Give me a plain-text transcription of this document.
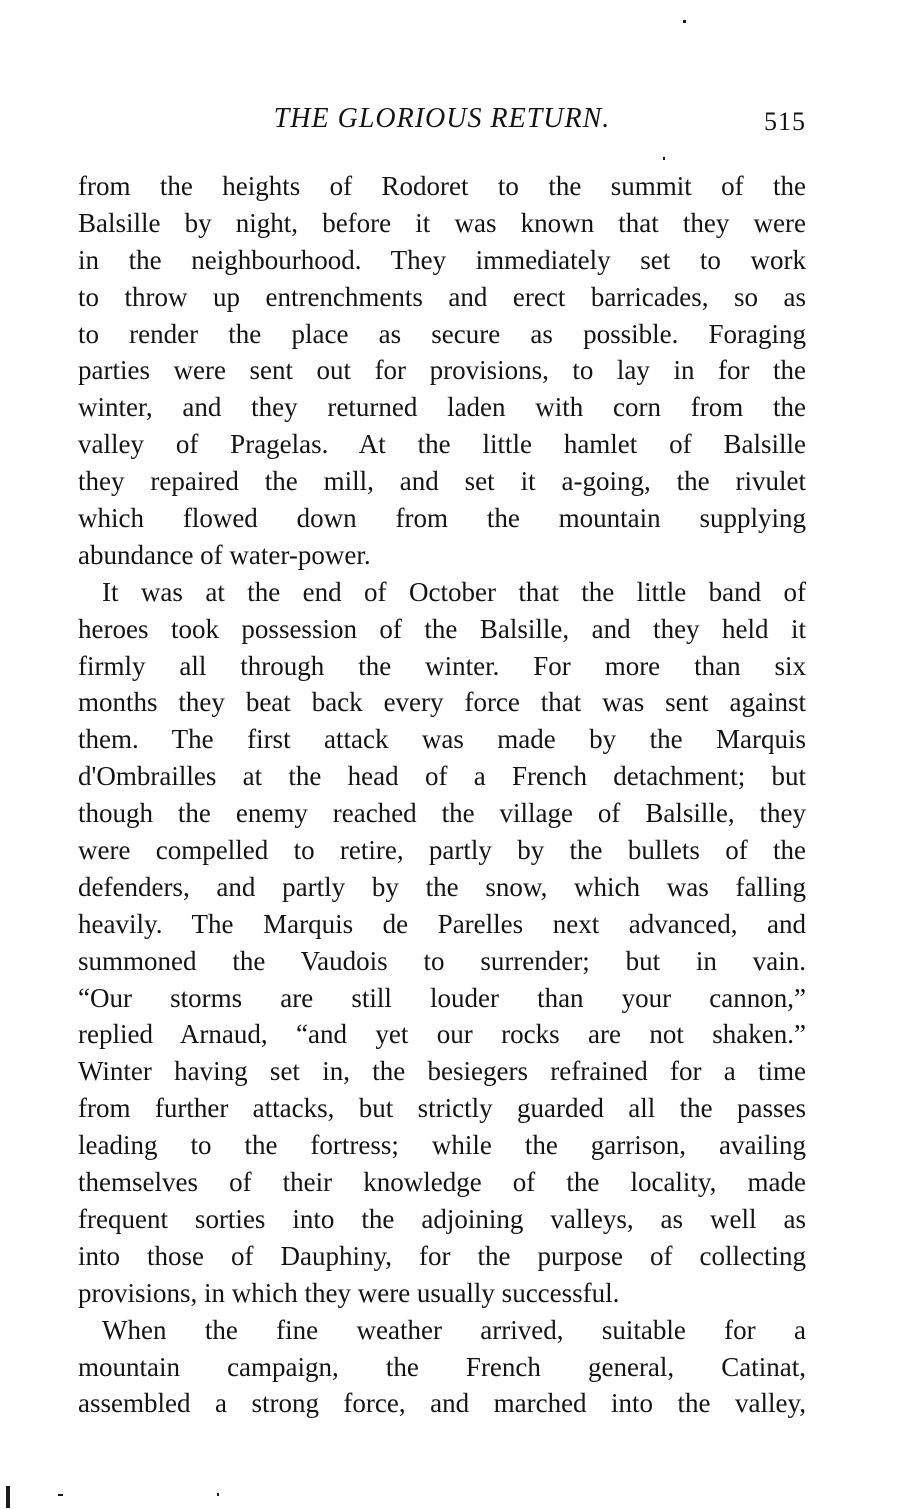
THE GLORIOUS RETURN.	515
from the heights of Rodoret to the summit of the
Balsille by night, before it was known that they were
in the neighbourhood. They immediately set to work
to throw up entrenchments and erect barricades, so as
to render the place as secure as possible. Foraging
parties were sent out for provisions, to lay in for the
winter, and they returned laden with corn from the
valley of Pragelas. At the little hamlet of Balsille
they repaired the mill, and set it a-going, the rivulet
which flowed down from the mountain supplying
abundance of water-power.
It was at the end of October that the little band of
heroes took possession of the Balsille, and they held it
firmly all through the winter. For more than six
months they beat back every force that was sent against
them. The first attack was made by the Marquis
d'Ombrailles at the head of a French detachment; but
though the enemy reached the village of Balsille, they
were compelled to retire, partly by the bullets of the
defenders, and partly by the snow, which was falling
heavily. The Marquis de Parelles next advanced, and
summoned the Vaudois to surrender; but in vain.
“Our storms are still louder than your cannon,”
replied Arnaud, “and yet our rocks are not shaken.”
Winter having set in, the besiegers refrained for a time
from further attacks, but strictly guarded all the passes
leading to the fortress; while the garrison, availing
themselves of their knowledge of the locality, made
frequent sorties into the adjoining valleys, as well as
into those of Dauphiny, for the purpose of collecting
provisions, in which they were usually successful.
When the fine weather arrived, suitable for a
mountain campaign, the French general, Catinat,
assembled a strong force, and marched into the valley,
